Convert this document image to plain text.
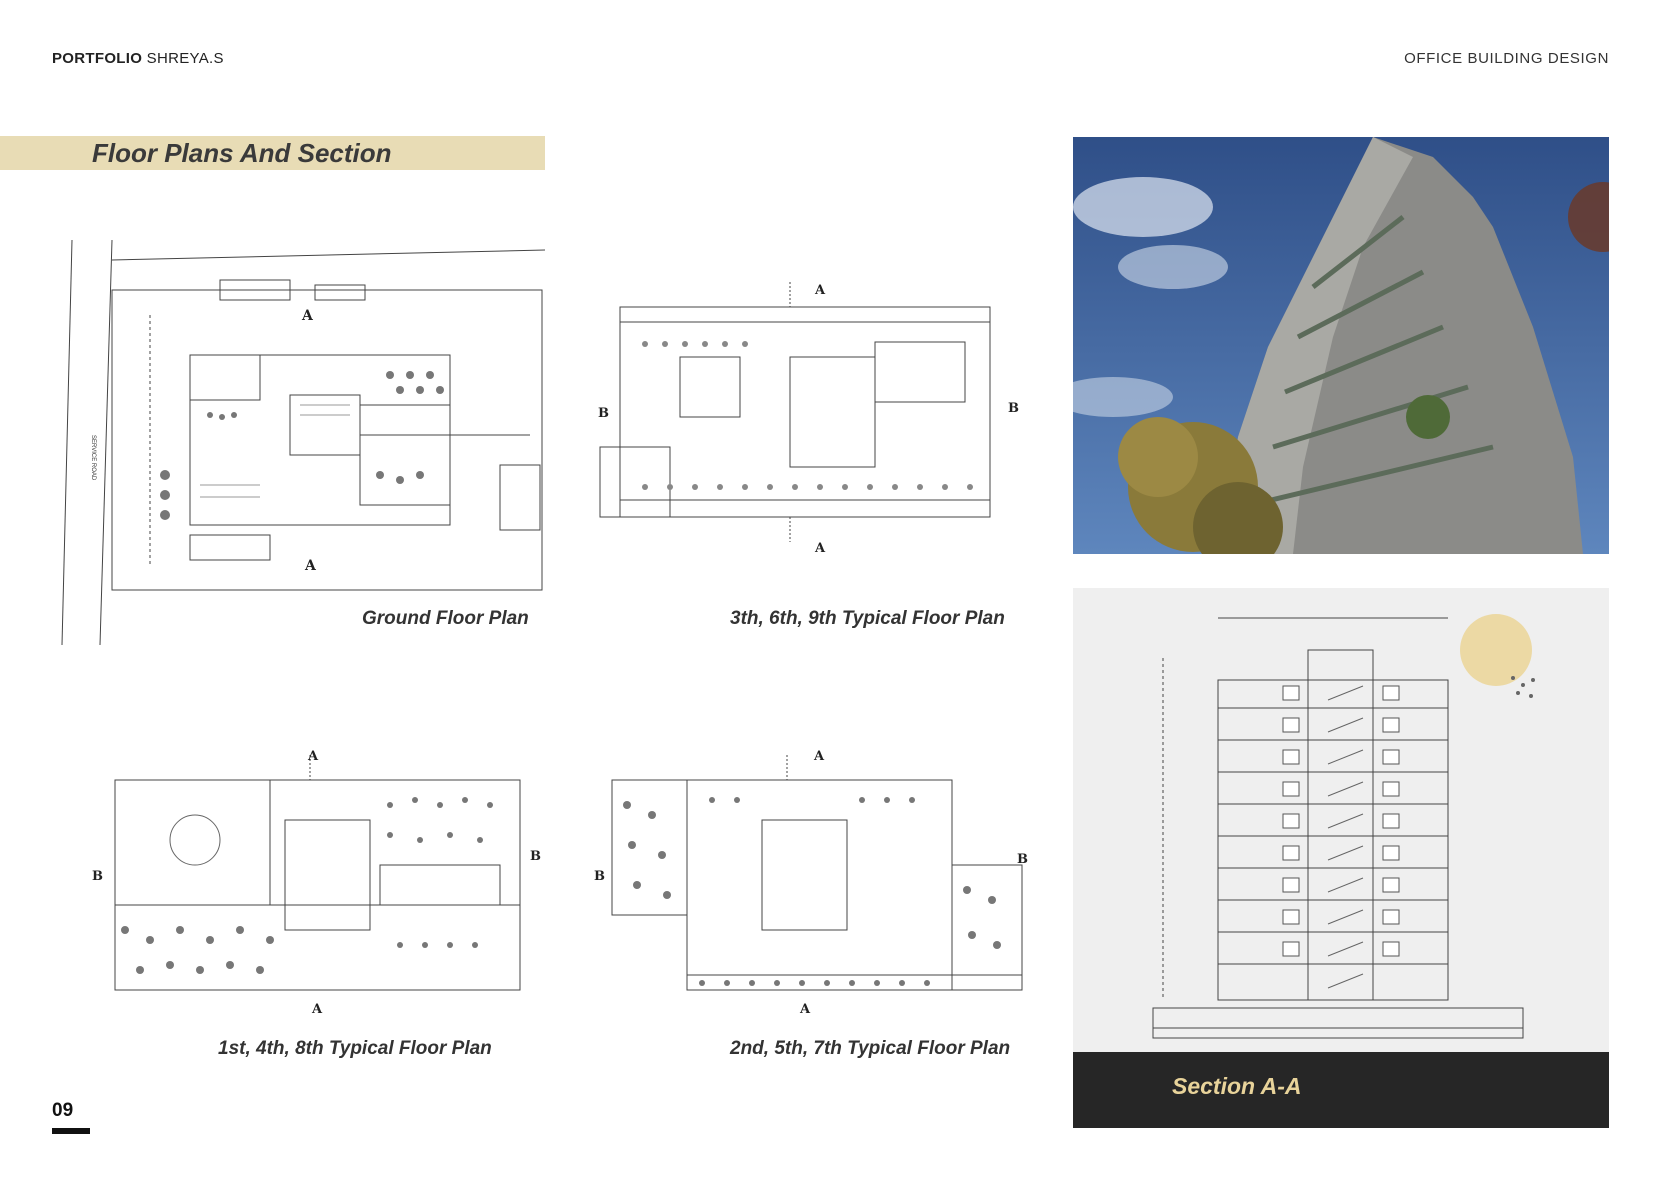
PORTFOLIO SHREYA.S	OFFICE BUILDING DESIGN
Floor Plans And Section
A
A
SERVICE ROAD
Ground Floor Plan
A
A
B	B
3th, 6th, 9th Typical Floor Plan
A
A
B
B
1st, 4th, 8th Typical Floor Plan
A
A
B
B
2nd, 5th, 7th Typical Floor Plan
Section A-A
09
